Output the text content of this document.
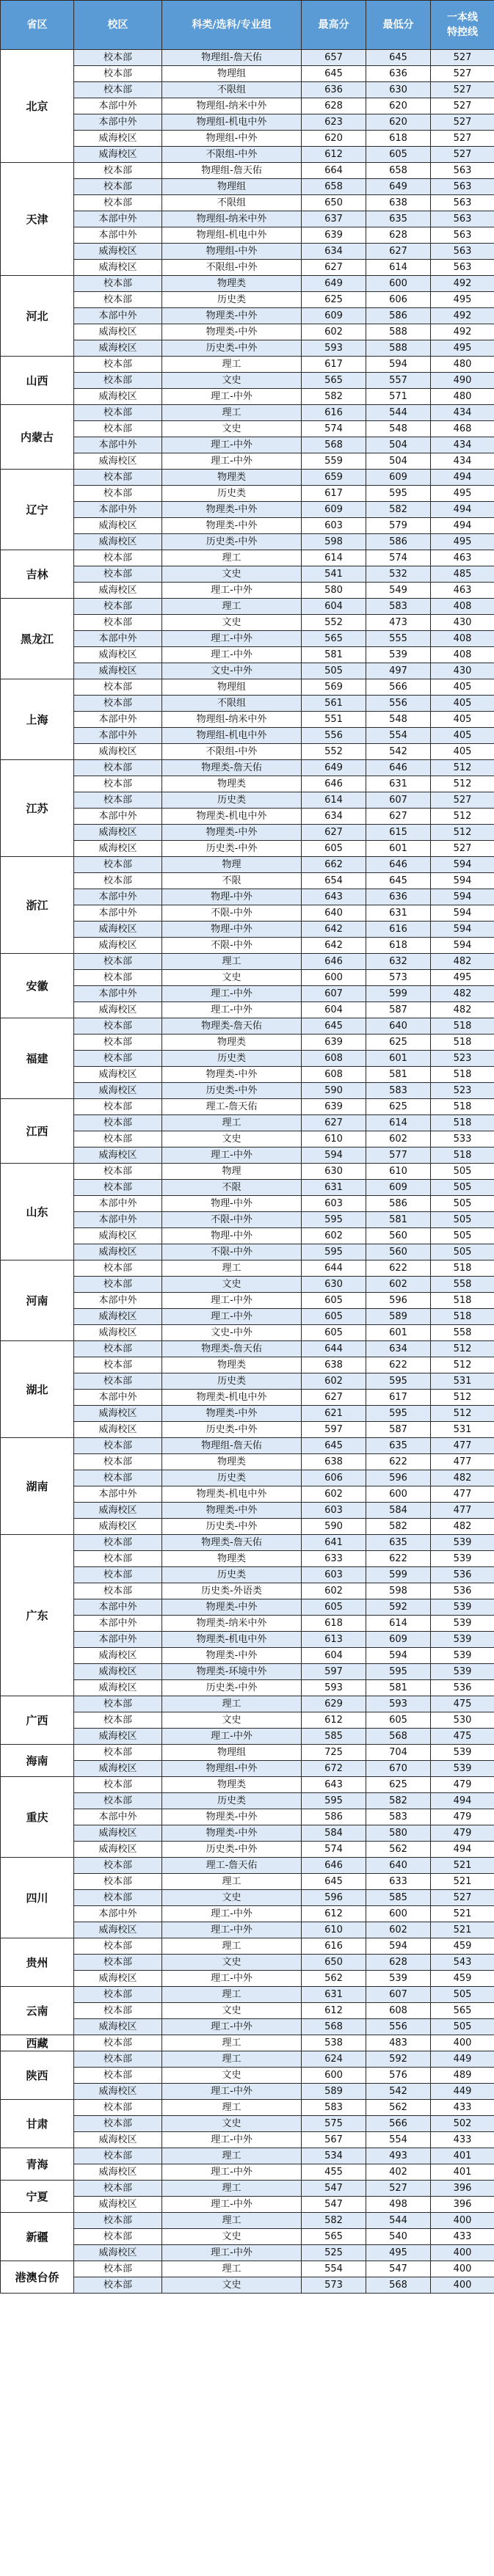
省区	校区	科类/选科/专业组	最高分	最低分	一本线
特控线
北京	校本部	物理组-詹天佑	657	645	527
	校本部	物理组	645	636	527
	校本部	不限组	636	630	527
	本部中外	物理组-纳米中外	628	620	527
	本部中外	物理组-机电中外	623	620	527
	威海校区	物理组-中外	620	618	527
	威海校区	不限组-中外	612	605	527
天津	校本部	物理组-詹天佑	664	658	563
	校本部	物理组	658	649	563
	校本部	不限组	650	638	563
	本部中外	物理组-纳米中外	637	635	563
	本部中外	物理组-机电中外	639	628	563
	威海校区	物理组-中外	634	627	563
	威海校区	不限组-中外	627	614	563
河北	校本部	物理类	649	600	492
	校本部	历史类	625	606	495
	本部中外	物理类-中外	609	586	492
	威海校区	物理类-中外	602	588	492
	威海校区	历史类-中外	593	588	495
山西	校本部	理工	617	594	480
	校本部	文史	565	557	490
	威海校区	理工-中外	582	571	480
内蒙古	校本部	理工	616	544	434
	校本部	文史	574	548	468
	本部中外	理工-中外	568	504	434
	威海校区	理工-中外	559	504	434
辽宁	校本部	物理类	659	609	494
	校本部	历史类	617	595	495
	本部中外	物理类-中外	609	582	494
	威海校区	物理类-中外	603	579	494
	威海校区	历史类-中外	598	586	495
吉林	校本部	理工	614	574	463
	校本部	文史	541	532	485
	威海校区	理工-中外	580	549	463
黑龙江	校本部	理工	604	583	408
	校本部	文史	552	473	430
	本部中外	理工-中外	565	555	408
	威海校区	理工-中外	581	539	408
	威海校区	文史-中外	505	497	430
上海	校本部	物理组	569	566	405
	校本部	不限组	561	556	405
	本部中外	物理组-纳米中外	551	548	405
	本部中外	物理组-机电中外	556	554	405
	威海校区	不限组-中外	552	542	405
江苏	校本部	物理类-詹天佑	649	646	512
	校本部	物理类	646	631	512
	校本部	历史类	614	607	527
	本部中外	物理类-机电中外	634	627	512
	威海校区	物理类-中外	627	615	512
	威海校区	历史类-中外	605	601	527
浙江	校本部	物理	662	646	594
	校本部	不限	654	645	594
	本部中外	物理-中外	643	636	594
	本部中外	不限-中外	640	631	594
	威海校区	物理-中外	642	616	594
	威海校区	不限-中外	642	618	594
安徽	校本部	理工	646	632	482
	校本部	文史	600	573	495
	本部中外	理工-中外	607	599	482
	威海校区	理工-中外	604	587	482
福建	校本部	物理类-詹天佑	645	640	518
	校本部	物理类	639	625	518
	校本部	历史类	608	601	523
	威海校区	物理类-中外	608	581	518
	威海校区	历史类-中外	590	583	523
江西	校本部	理工-詹天佑	639	625	518
	校本部	理工	627	614	518
	校本部	文史	610	602	533
	威海校区	理工-中外	594	577	518
山东	校本部	物理	630	610	505
	校本部	不限	631	609	505
	本部中外	物理-中外	603	586	505
	本部中外	不限-中外	595	581	505
	威海校区	物理-中外	602	560	505
	威海校区	不限-中外	595	560	505
河南	校本部	理工	644	622	518
	校本部	文史	630	602	558
	本部中外	理工-中外	605	596	518
	威海校区	理工-中外	605	589	518
	威海校区	文史-中外	605	601	558
湖北	校本部	物理类-詹天佑	644	634	512
	校本部	物理类	638	622	512
	校本部	历史类	602	595	531
	本部中外	物理类-机电中外	627	617	512
	威海校区	物理类-中外	621	595	512
	威海校区	历史类-中外	597	587	531
湖南	校本部	物理组-詹天佑	645	635	477
	校本部	物理类	638	622	477
	校本部	历史类	606	596	482
	本部中外	物理类-机电中外	602	600	477
	威海校区	物理类-中外	603	584	477
	威海校区	历史类-中外	590	582	482
广东	校本部	物理类-詹天佑	641	635	539
	校本部	物理类	633	622	539
	校本部	历史类	603	599	536
	校本部	历史类-外语类	602	598	536
	本部中外	物理类-中外	605	592	539
	本部中外	物理类-纳米中外	618	614	539
	本部中外	物理类-机电中外	613	609	539
	威海校区	物理类-中外	604	594	539
	威海校区	物理类-环境中外	597	595	539
	威海校区	历史类-中外	593	581	536
广西	校本部	理工	629	593	475
	校本部	文史	612	605	530
	威海校区	理工-中外	585	568	475
海南	校本部	物理组	725	704	539
	威海校区	物理组-中外	672	670	539
重庆	校本部	物理类	643	625	479
	校本部	历史类	595	582	494
	本部中外	物理类-中外	586	583	479
	威海校区	物理类-中外	584	580	479
	威海校区	历史类-中外	574	562	494
四川	校本部	理工-詹天佑	646	640	521
	校本部	理工	645	633	521
	校本部	文史	596	585	527
	本部中外	理工-中外	612	600	521
	威海校区	理工-中外	610	602	521
贵州	校本部	理工	616	594	459
	校本部	文史	650	628	543
	威海校区	理工-中外	562	539	459
云南	校本部	理工	631	607	505
	校本部	文史	612	608	565
	威海校区	理工-中外	568	556	505
西藏	校本部	理工	538	483	400
陕西	校本部	理工	624	592	449
	校本部	文史	600	576	489
	威海校区	理工-中外	589	542	449
甘肃	校本部	理工	583	562	433
	校本部	文史	575	566	502
	威海校区	理工-中外	567	554	433
青海	校本部	理工	534	493	401
	威海校区	理工-中外	455	402	401
宁夏	校本部	理工	547	527	396
	威海校区	理工-中外	547	498	396
新疆	校本部	理工	582	544	400
	校本部	文史	565	540	433
	威海校区	理工-中外	525	495	400
港澳台侨	校本部	理工	554	547	400
	校本部	文史	573	568	400
